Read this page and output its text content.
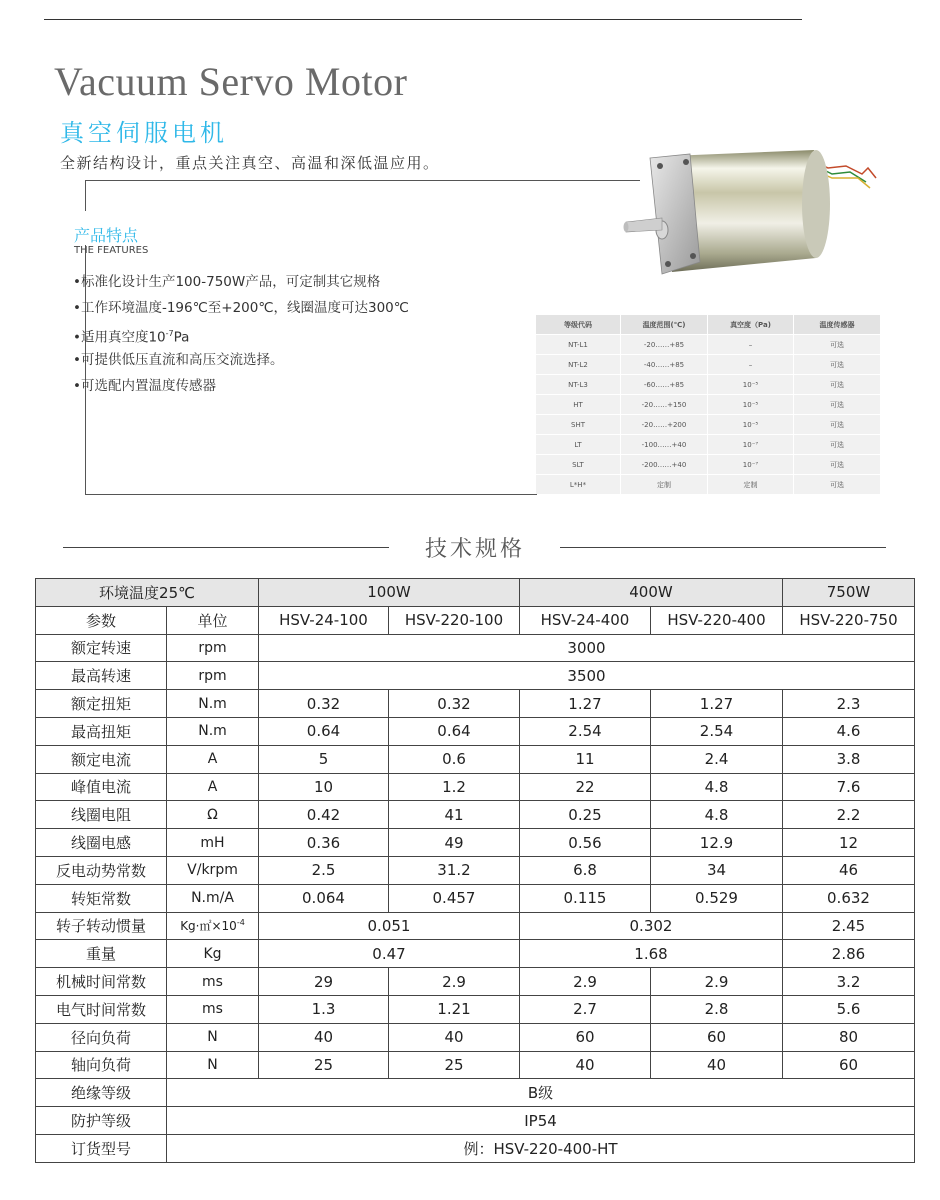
Vacuum Servo Motor
真空伺服电机
全新结构设计，重点关注真空、高温和深低温应用。
产品特点
THE FEATURES
•标准化设计生产100-750W产品，可定制其它规格
•工作环境温度-196℃至+200℃，线圈温度可达300℃
•适用真空度$10^{-7}Pa$
•可提供低压直流和高压交流选择。
•可选配内置温度传感器
等级代码	温度范围(℃)	真空度（Pa)	温度传感器
NT-L1	-20……+85	–	可选
NT-L2	-40……+85	–	可选
NT-L3	-60……+85	10⁻⁵	可选
HT	-20……+150	10⁻⁵	可选
SHT	-20……+200	10⁻⁵	可选
LT	-100……+40	10⁻⁷	可选
SLT	-200……+40	10⁻⁷	可选
L*H*	定制	定制	可选
技术规格
环境温度25℃		100W		400W		750W
参数	单位	HSV-24-100	HSV-220-100	HSV-24-400	HSV-220-400	HSV-220-750
额定转速	rpm	3000				
最高转速	rpm	3500				
额定扭矩	N.m	0.32	0.32	1.27	1.27	2.3
最高扭矩	N.m	0.64	0.64	2.54	2.54	4.6
额定电流	A	5	0.6	11	2.4	3.8
峰值电流	A	10	1.2	22	4.8	7.6
线圈电阻	Ω	0.42	41	0.25	4.8	2.2
线圈电感	mH	0.36	49	0.56	12.9	12
反电动势常数	V/krpm	2.5	31.2	6.8	34	46
转矩常数	N.m/A	0.064	0.457	0.115	0.529	0.632
转子转动惯量	$Kg\cdot㎡\times 10^{-4}$	0.051		0.302		2.45
重量	Kg	0.47		1.68		2.86
机械时间常数	ms	29	2.9	2.9	2.9	3.2
电气时间常数	ms	1.3	1.21	2.7	2.8	5.6
径向负荷	N	40	40	60	60	80
轴向负荷	N	25	25	40	40	60
绝缘等级	B级					
防护等级	IP54					
订货型号	例：HSV-220-400-HT					
